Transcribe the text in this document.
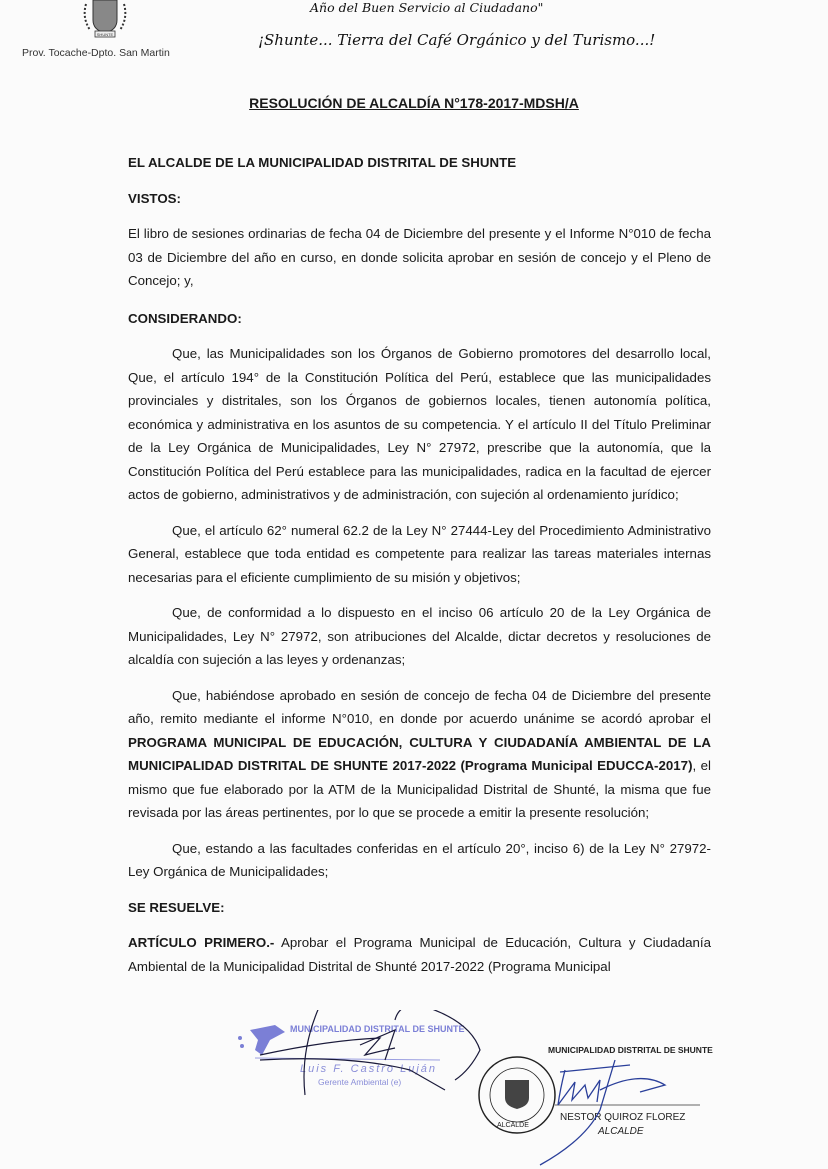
SHUNTE
Prov. Tocache-Dpto. San Martin
Año del Buen Servicio al Ciudadano"
¡Shunte... Tierra del Café Orgánico y del Turismo...!
RESOLUCIÓN DE ALCALDÍA N°178-2017-MDSH/A

EL ALCALDE DE LA MUNICIPALIDAD DISTRITAL DE SHUNTE

VISTOS:

El libro de sesiones ordinarias de fecha 04 de Diciembre del presente y el Informe N°010 de fecha 03 de Diciembre del año en curso, en donde solicita aprobar en sesión de concejo y el Pleno de Concejo; y,

CONSIDERANDO:

Que, las Municipalidades son los Órganos de Gobierno promotores del desarrollo local, Que, el artículo 194° de la Constitución Política del Perú, establece que las municipalidades provinciales y distritales, son los Órganos de gobiernos locales, tienen autonomía política, económica y administrativa en los asuntos de su competencia. Y el artículo II del Título Preliminar de la Ley Orgánica de Municipalidades, Ley N° 27972, prescribe que la autonomía, que la Constitución Política del Perú establece para las municipalidades, radica en la facultad de ejercer actos de gobierno, administrativos y de administración, con sujeción al ordenamiento jurídico;

Que, el artículo 62° numeral 62.2 de la Ley N° 27444-Ley del Procedimiento Administrativo General, establece que toda entidad es competente para realizar las tareas materiales internas necesarias para el eficiente cumplimiento de su misión y objetivos;

Que, de conformidad a lo dispuesto en el inciso 06 artículo 20 de la Ley Orgánica de Municipalidades, Ley N° 27972, son atribuciones del Alcalde, dictar decretos y resoluciones de alcaldía con sujeción a las leyes y ordenanzas;

Que, habiéndose aprobado en sesión de concejo de fecha 04 de Diciembre del presente año, remito mediante el informe N°010, en donde por acuerdo unánime se acordó aprobar el PROGRAMA MUNICIPAL DE EDUCACIÓN, CULTURA Y CIUDADANÍA AMBIENTAL DE LA MUNICIPALIDAD DISTRITAL DE SHUNTE 2017-2022 (Programa Municipal EDUCCA-2017), el mismo que fue elaborado por la ATM de la Municipalidad Distrital de Shunté, la misma que fue revisada por las áreas pertinentes, por lo que se procede a emitir la presente resolución;

Que, estando a las facultades conferidas en el artículo 20°, inciso 6) de la Ley N° 27972-Ley Orgánica de Municipalidades;

SE RESUELVE:

ARTÍCULO PRIMERO.- Aprobar el Programa Municipal de Educación, Cultura y Ciudadanía Ambiental de la Municipalidad Distrital de Shunté 2017-2022 (Programa Municipal

MUNICIPALIDAD DISTRITAL DE SHUNTE
Luis F. Castro Luján
Gerente Ambiental (e)
ALCALDE
MUNICIPALIDAD DISTRITAL DE SHUNTE
NESTOR QUIROZ FLOREZ
ALCALDE
